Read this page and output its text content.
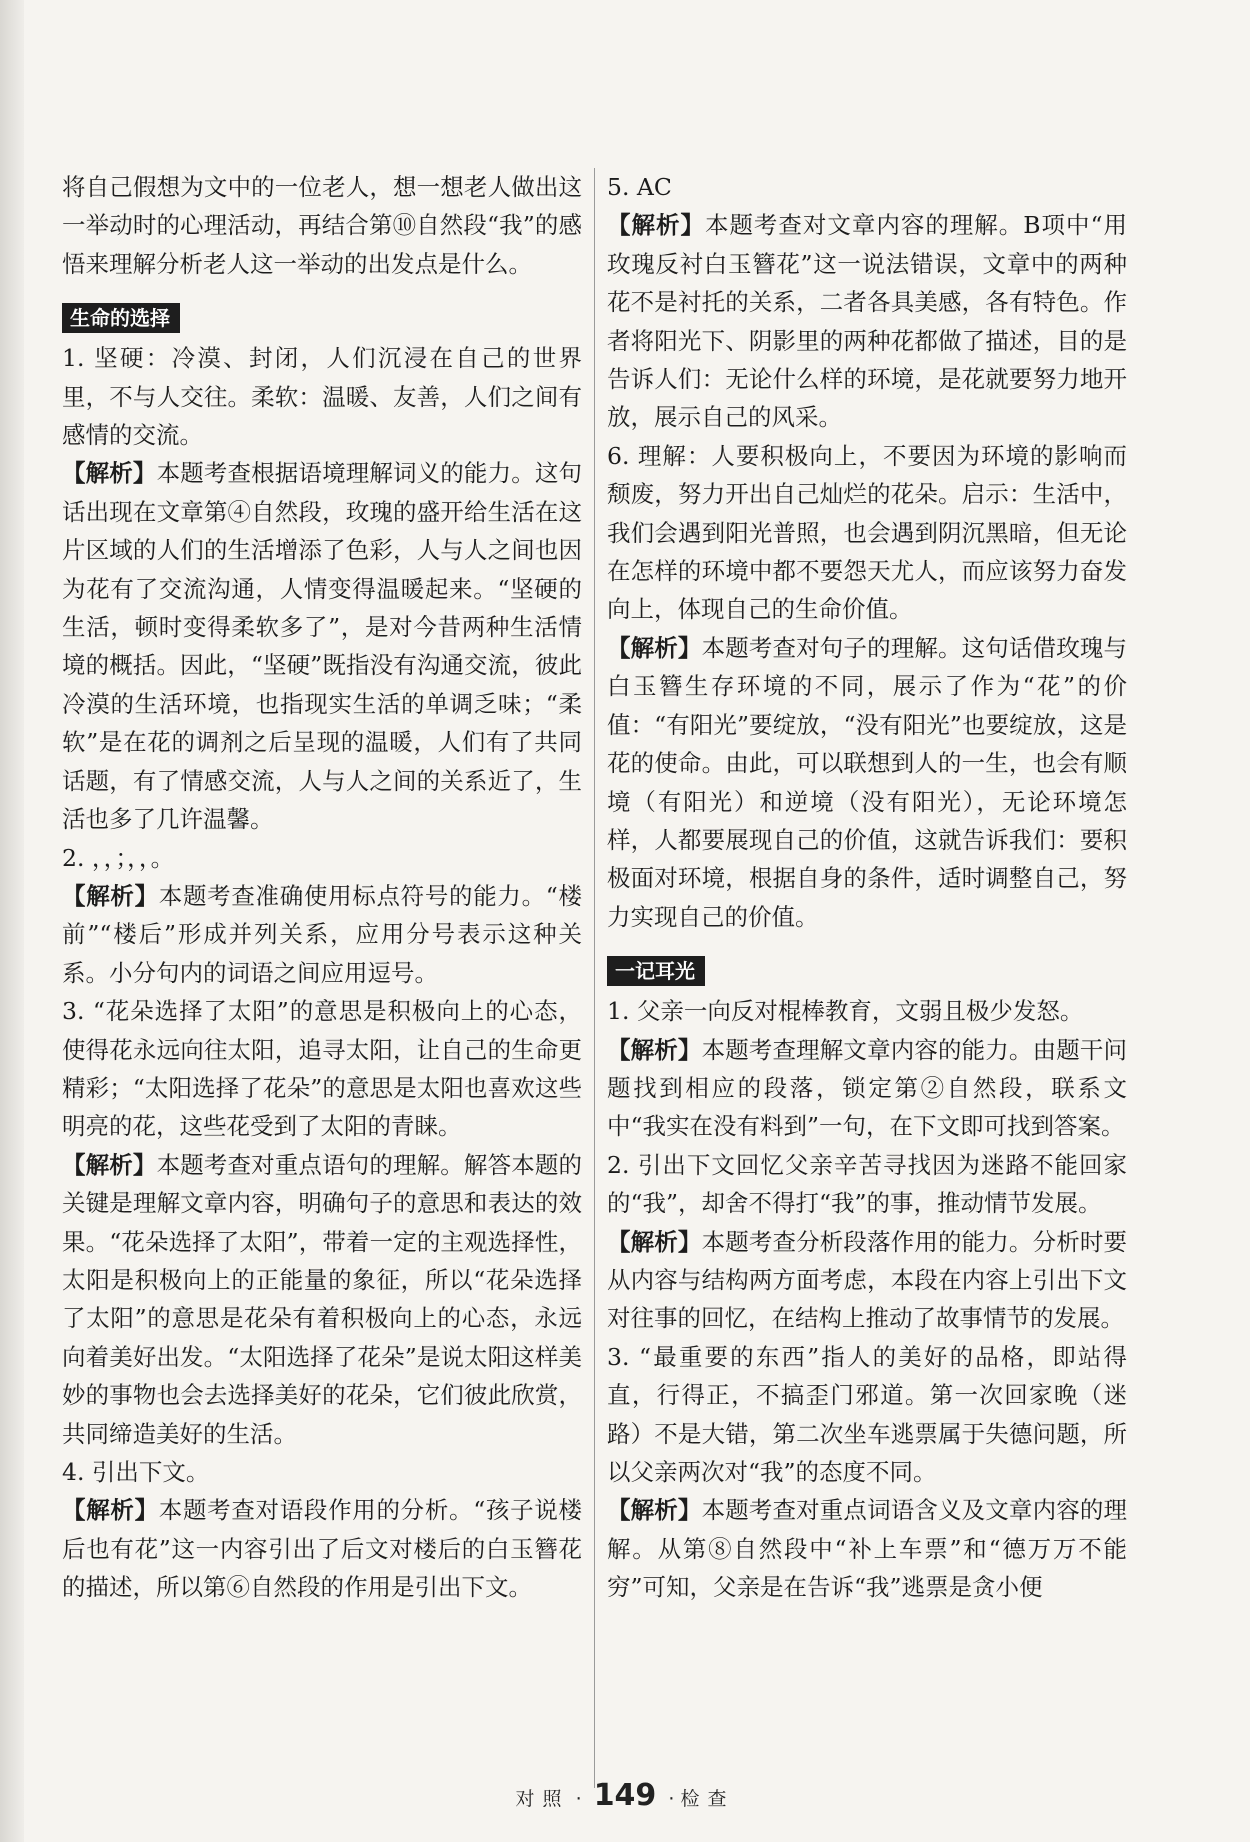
将自己假想为文中的一位老人，想一想老人做出这一举动时的心理活动，再结合第⑩自然段“我”的感悟来理解分析老人这一举动的出发点是什么。

生命的选择

1. 坚硬：冷漠、封闭，人们沉浸在自己的世界里，不与人交往。柔软：温暖、友善，人们之间有感情的交流。

【解析】本题考查根据语境理解词义的能力。这句话出现在文章第④自然段，玫瑰的盛开给生活在这片区域的人们的生活增添了色彩，人与人之间也因为花有了交流沟通，人情变得温暖起来。“坚硬的生活，顿时变得柔软多了”，是对今昔两种生活情境的概括。因此，“坚硬”既指没有沟通交流，彼此冷漠的生活环境，也指现实生活的单调乏味；“柔软”是在花的调剂之后呈现的温暖，人们有了共同话题，有了情感交流，人与人之间的关系近了，生活也多了几许温馨。

2. ，，；，，。

【解析】本题考查准确使用标点符号的能力。“楼前”“楼后”形成并列关系，应用分号表示这种关系。小分句内的词语之间应用逗号。

3. “花朵选择了太阳”的意思是积极向上的心态，使得花永远向往太阳，追寻太阳，让自己的生命更精彩；“太阳选择了花朵”的意思是太阳也喜欢这些明亮的花，这些花受到了太阳的青睐。

【解析】本题考查对重点语句的理解。解答本题的关键是理解文章内容，明确句子的意思和表达的效果。“花朵选择了太阳”，带着一定的主观选择性，太阳是积极向上的正能量的象征，所以“花朵选择了太阳”的意思是花朵有着积极向上的心态，永远向着美好出发。“太阳选择了花朵”是说太阳这样美妙的事物也会去选择美好的花朵，它们彼此欣赏，共同缔造美好的生活。

4. 引出下文。

【解析】本题考查对语段作用的分析。“孩子说楼后也有花”这一内容引出了后文对楼后的白玉簪花的描述，所以第⑥自然段的作用是引出下文。

5. AC

【解析】本题考查对文章内容的理解。B项中“用玫瑰反衬白玉簪花”这一说法错误，文章中的两种花不是衬托的关系，二者各具美感，各有特色。作者将阳光下、阴影里的两种花都做了描述，目的是告诉人们：无论什么样的环境，是花就要努力地开放，展示自己的风采。

6. 理解：人要积极向上，不要因为环境的影响而颓废，努力开出自己灿烂的花朵。启示：生活中，我们会遇到阳光普照，也会遇到阴沉黑暗，但无论在怎样的环境中都不要怨天尤人，而应该努力奋发向上，体现自己的生命价值。

【解析】本题考查对句子的理解。这句话借玫瑰与白玉簪生存环境的不同，展示了作为“花”的价值：“有阳光”要绽放，“没有阳光”也要绽放，这是花的使命。由此，可以联想到人的一生，也会有顺境（有阳光）和逆境（没有阳光），无论环境怎样，人都要展现自己的价值，这就告诉我们：要积极面对环境，根据自身的条件，适时调整自己，努力实现自己的价值。

一记耳光

1. 父亲一向反对棍棒教育，文弱且极少发怒。

【解析】本题考查理解文章内容的能力。由题干问题找到相应的段落，锁定第②自然段，联系文中“我实在没有料到”一句，在下文即可找到答案。

2. 引出下文回忆父亲辛苦寻找因为迷路不能回家的“我”，却舍不得打“我”的事，推动情节发展。

【解析】本题考查分析段落作用的能力。分析时要从内容与结构两方面考虑，本段在内容上引出下文对往事的回忆，在结构上推动了故事情节的发展。

3. “最重要的东西”指人的美好的品格，即站得直，行得正，不搞歪门邪道。第一次回家晚（迷路）不是大错，第二次坐车逃票属于失德问题，所以父亲两次对“我”的态度不同。

【解析】本题考查对重点词语含义及文章内容的理解。从第⑧自然段中“补上车票”和“德万万不能穷”可知，父亲是在告诉“我”逃票是贪小便

对照 · 149 · 检查
